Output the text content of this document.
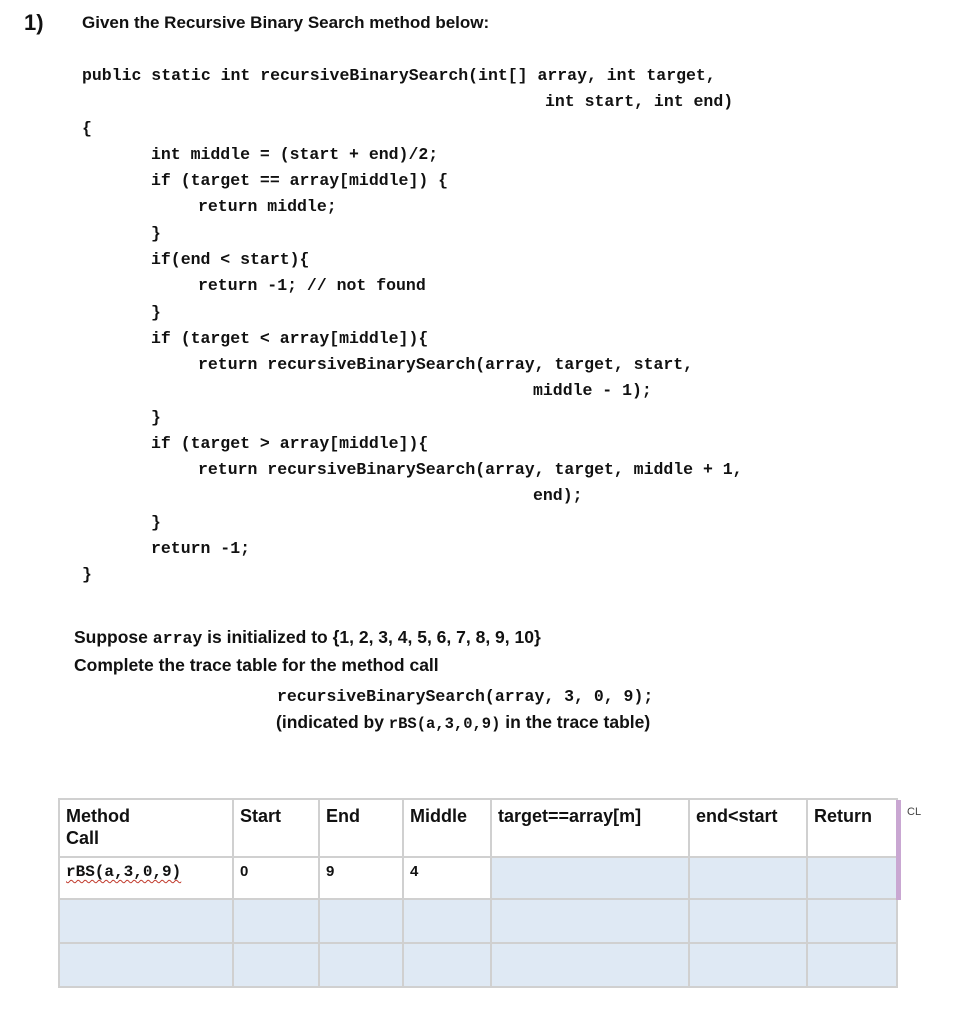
1) Given the Recursive Binary Search method below:
public static int recursiveBinarySearch(int[] array, int target,
int start, int end)
{
int middle = (start + end)/2;
if (target == array[middle]) {
return middle;
}
if(end < start){
return -1; // not found
}
if (target < array[middle]){
return recursiveBinarySearch(array, target, start,
middle - 1);
}
if (target > array[middle]){
return recursiveBinarySearch(array, target, middle + 1,
end);
}
return -1;
}
Suppose array is initialized to {1, 2, 3, 4, 5, 6, 7, 8, 9, 10}
Complete the trace table for the method call
recursiveBinarySearch(array, 3, 0, 9);
(indicated by rBS(a,3,0,9) in the trace table)
Method
Call	Start	End	Middle	target==array[m]	end<start	Return
rBS(a,3,0,9)	0	9	4			

CL
